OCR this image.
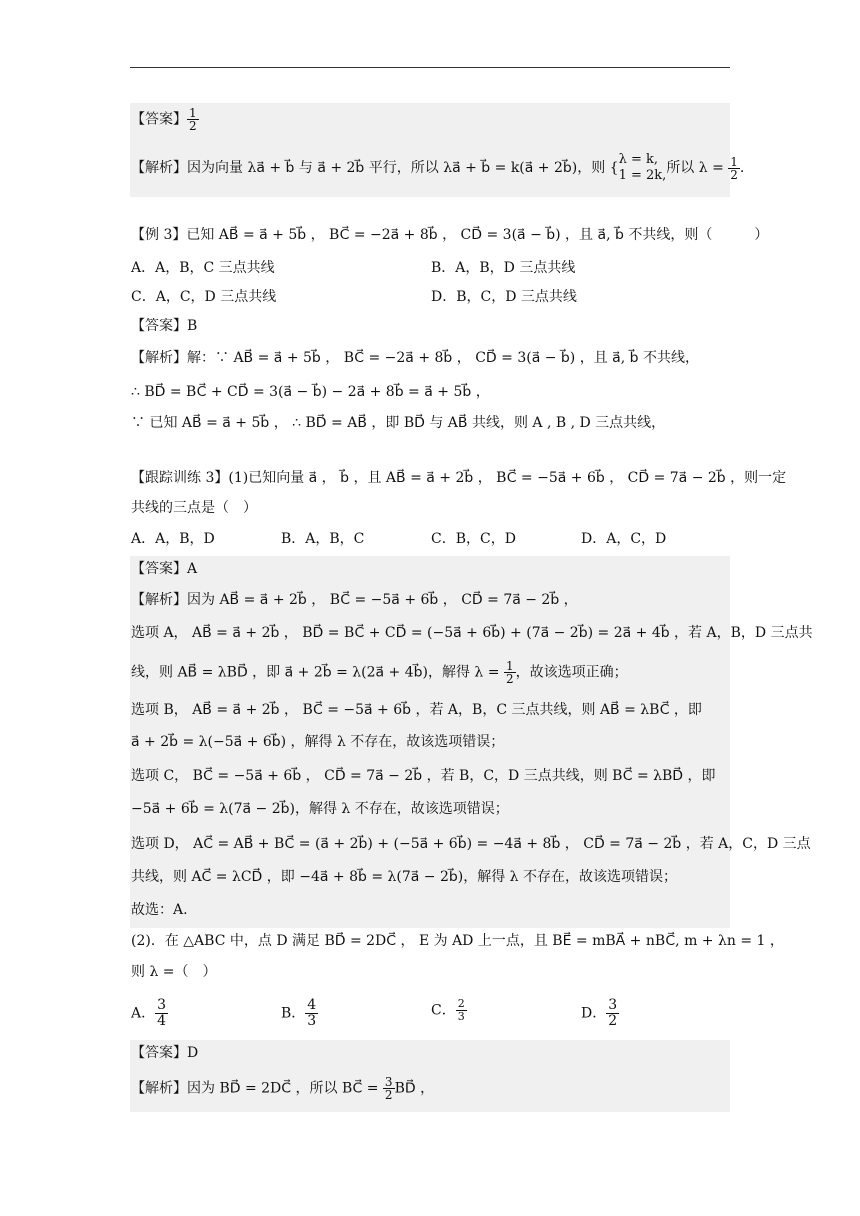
【答案】 $\frac{1}{2}$
【解析】因为向量 λa⃗ + b⃗ 与 a⃗ + 2b⃗ 平行，所以 λa⃗ + b⃗ = k(a⃗ + 2b⃗)，则 {
λ = k,
1 = 2k, 所以 $\lambda = \frac{1}{2}$ .
【例 3】已知 AB⃗ = a⃗ + 5b⃗ ， BC⃗ = −2a⃗ + 8b⃗ ， CD⃗ = 3(a⃗ − b⃗) ，且 a⃗, b⃗ 不共线，则（　　　）
A．A，B，C 三点共线	B．A，B，D 三点共线
C．A，C，D 三点共线	D．B，C，D 三点共线
【答案】B
【解析】解：∵ AB⃗ = a⃗ + 5b⃗ ， BC⃗ = −2a⃗ + 8b⃗ ， CD⃗ = 3(a⃗ − b⃗) ，且 a⃗, b⃗ 不共线，
∴ BD⃗ = BC⃗ + CD⃗ = 3(a⃗ − b⃗) − 2a⃗ + 8b⃗ = a⃗ + 5b⃗ ，
∵ 已知 AB⃗ = a⃗ + 5b⃗ ， ∴ BD⃗ = AB⃗ ，即 BD⃗ 与 AB⃗ 共线，则 A , B , D 三点共线，
【跟踪训练 3】(1)已知向量 a⃗ ， b⃗ ，且 AB⃗ = a⃗ + 2b⃗ ， BC⃗ = −5a⃗ + 6b⃗ ， CD⃗ = 7a⃗ − 2b⃗ ，则一定
共线的三点是（　）
A．A，B，D	B．A，B，C	C．B，C，D	D．A，C，D
【答案】A
【解析】因为 AB⃗ = a⃗ + 2b⃗ ， BC⃗ = −5a⃗ + 6b⃗ ， CD⃗ = 7a⃗ − 2b⃗ ，
选项 A， AB⃗ = a⃗ + 2b⃗ ， BD⃗ = BC⃗ + CD⃗ = (−5a⃗ + 6b⃗) + (7a⃗ − 2b⃗) = 2a⃗ + 4b⃗ ，若 A，B，D 三点共
线，则 AB⃗ = λBD⃗ ，即 a⃗ + 2b⃗ = λ(2a⃗ + 4b⃗)，解得 $\lambda = \frac{1}{2}$ ，故该选项正确；
选项 B， AB⃗ = a⃗ + 2b⃗ ， BC⃗ = −5a⃗ + 6b⃗ ，若 A，B，C 三点共线，则 AB⃗ = λBC⃗ ，即
a⃗ + 2b⃗ = λ(−5a⃗ + 6b⃗) ，解得 λ 不存在，故该选项错误；
选项 C， BC⃗ = −5a⃗ + 6b⃗ ， CD⃗ = 7a⃗ − 2b⃗ ，若 B，C，D 三点共线，则 BC⃗ = λBD⃗ ，即
−5a⃗ + 6b⃗ = λ(7a⃗ − 2b⃗)，解得 λ 不存在，故该选项错误；
选项 D， AC⃗ = AB⃗ + BC⃗ = (a⃗ + 2b⃗) + (−5a⃗ + 6b⃗) = −4a⃗ + 8b⃗ ， CD⃗ = 7a⃗ − 2b⃗ ，若 A，C，D 三点
共线，则 AC⃗ = λCD⃗ ，即 −4a⃗ + 8b⃗ = λ(7a⃗ − 2b⃗)，解得 λ 不存在，故该选项错误；
故选：A.
(2)．在 △ABC 中，点 D 满足 BD⃗ = 2DC⃗ ， E 为 AD 上一点，且 BE⃗ = mBA⃗ + nBC⃗, m + λn = 1 ，
则 λ =（　）
A． $\frac{3}{4}$	B． $\frac{4}{3}$	C． $\frac{2}{3}$	D． $\frac{3}{2}$
【答案】D
【解析】因为 BD⃗ = 2DC⃗ ，所以 BC⃗ = $\frac{3}{2}$ BD⃗ ，
